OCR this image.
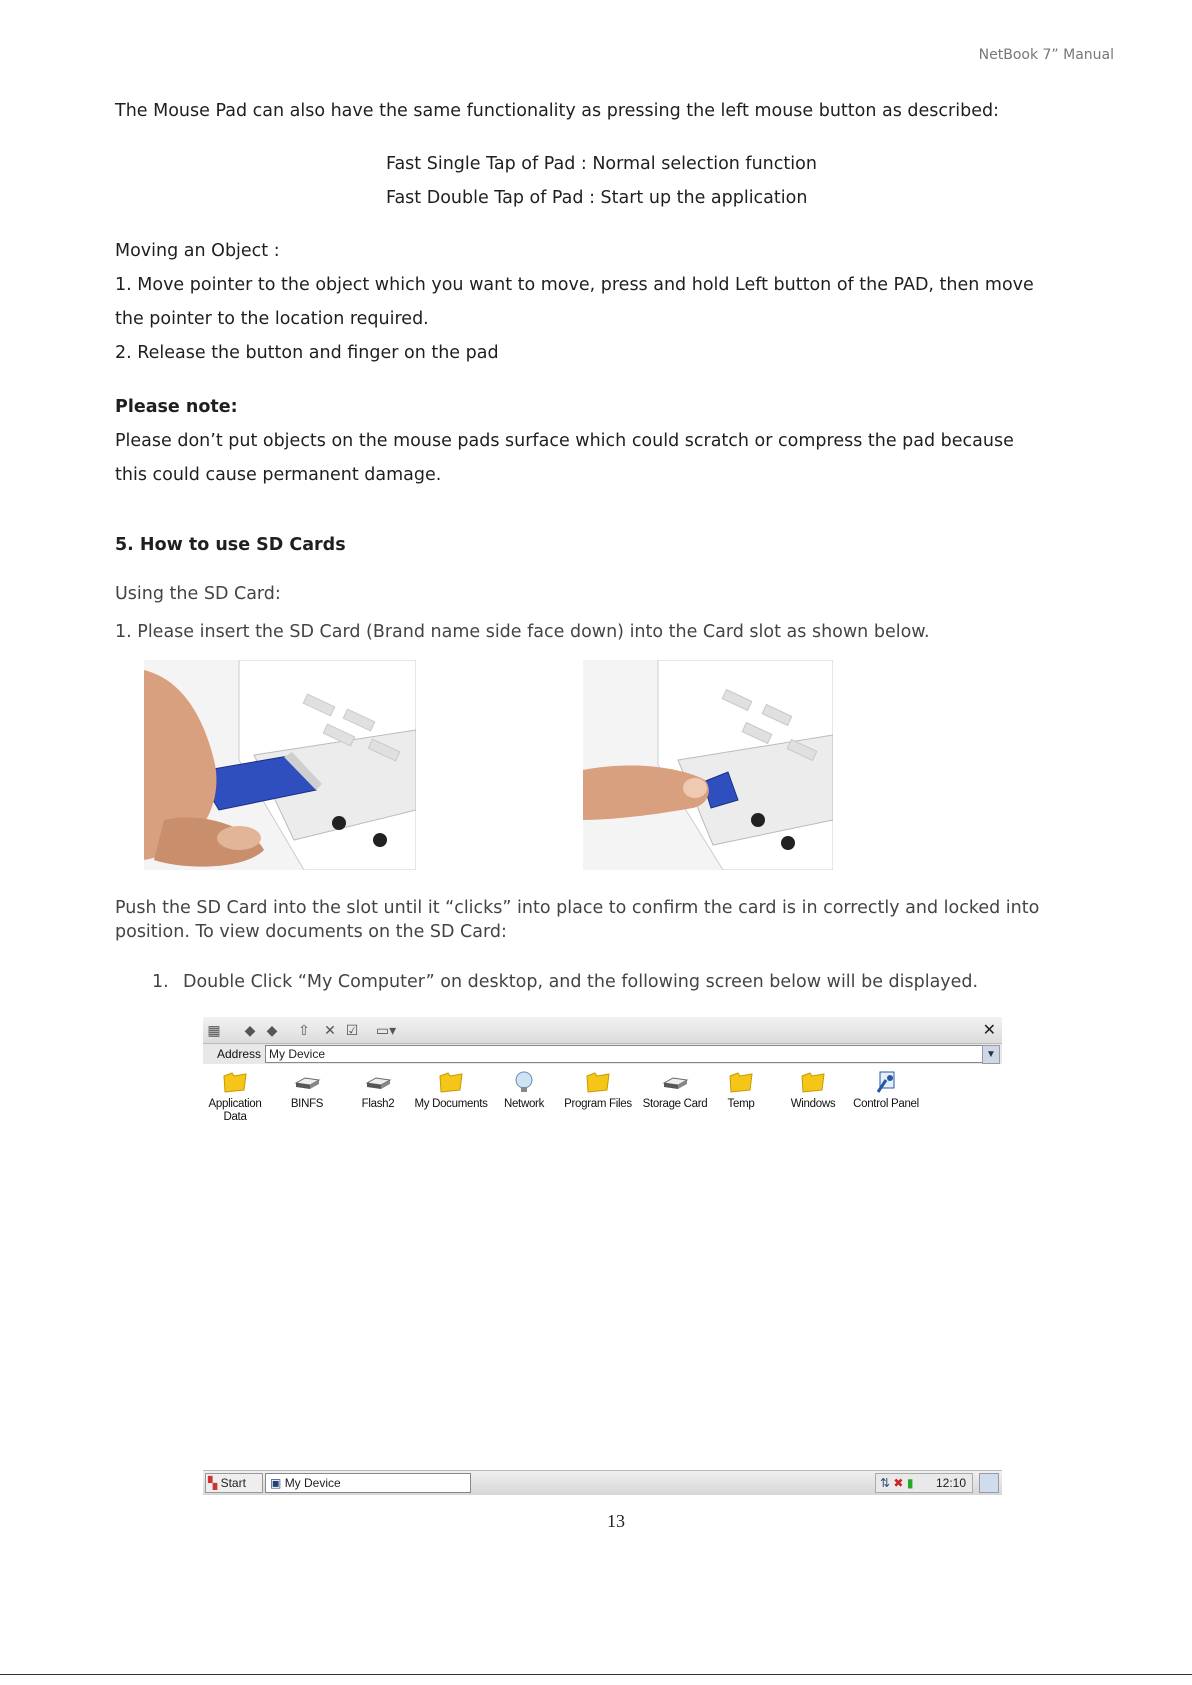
NetBook 7” Manual
The Mouse Pad can also have the same functionality as pressing the left mouse button as described:
Fast Single Tap of Pad : Normal selection function
Fast Double Tap of Pad : Start up the application
Moving an Object :
1. Move pointer to the object which you want to move, press and hold Left button of the PAD, then move
the pointer to the location required.
2. Release the button and finger on the pad
Please note:
Please don’t put objects on the mouse pads surface which could scratch or compress the pad because
this could cause permanent damage.
5. How to use SD Cards
Using the SD Card:
1. Please insert the SD Card (Brand name side face down) into the Card slot as shown below.
Push the SD Card into the slot until it “clicks” into place to confirm the card is in correctly and locked into
position. To view documents on the SD Card:
1. Double Click “My Computer” on desktop, and the following screen below will be displayed.
▦ ◆ ◆ ⇧ ✕ ☑	▭▾	✕
Address My Device	▼
Application Data
BINFS	Flash2	My Documents	Network	Program Files Storage Card	Temp	Windows	Control Panel
▚ Start	▣ My Device	⇅ ✖ ▮ 12:10
13
